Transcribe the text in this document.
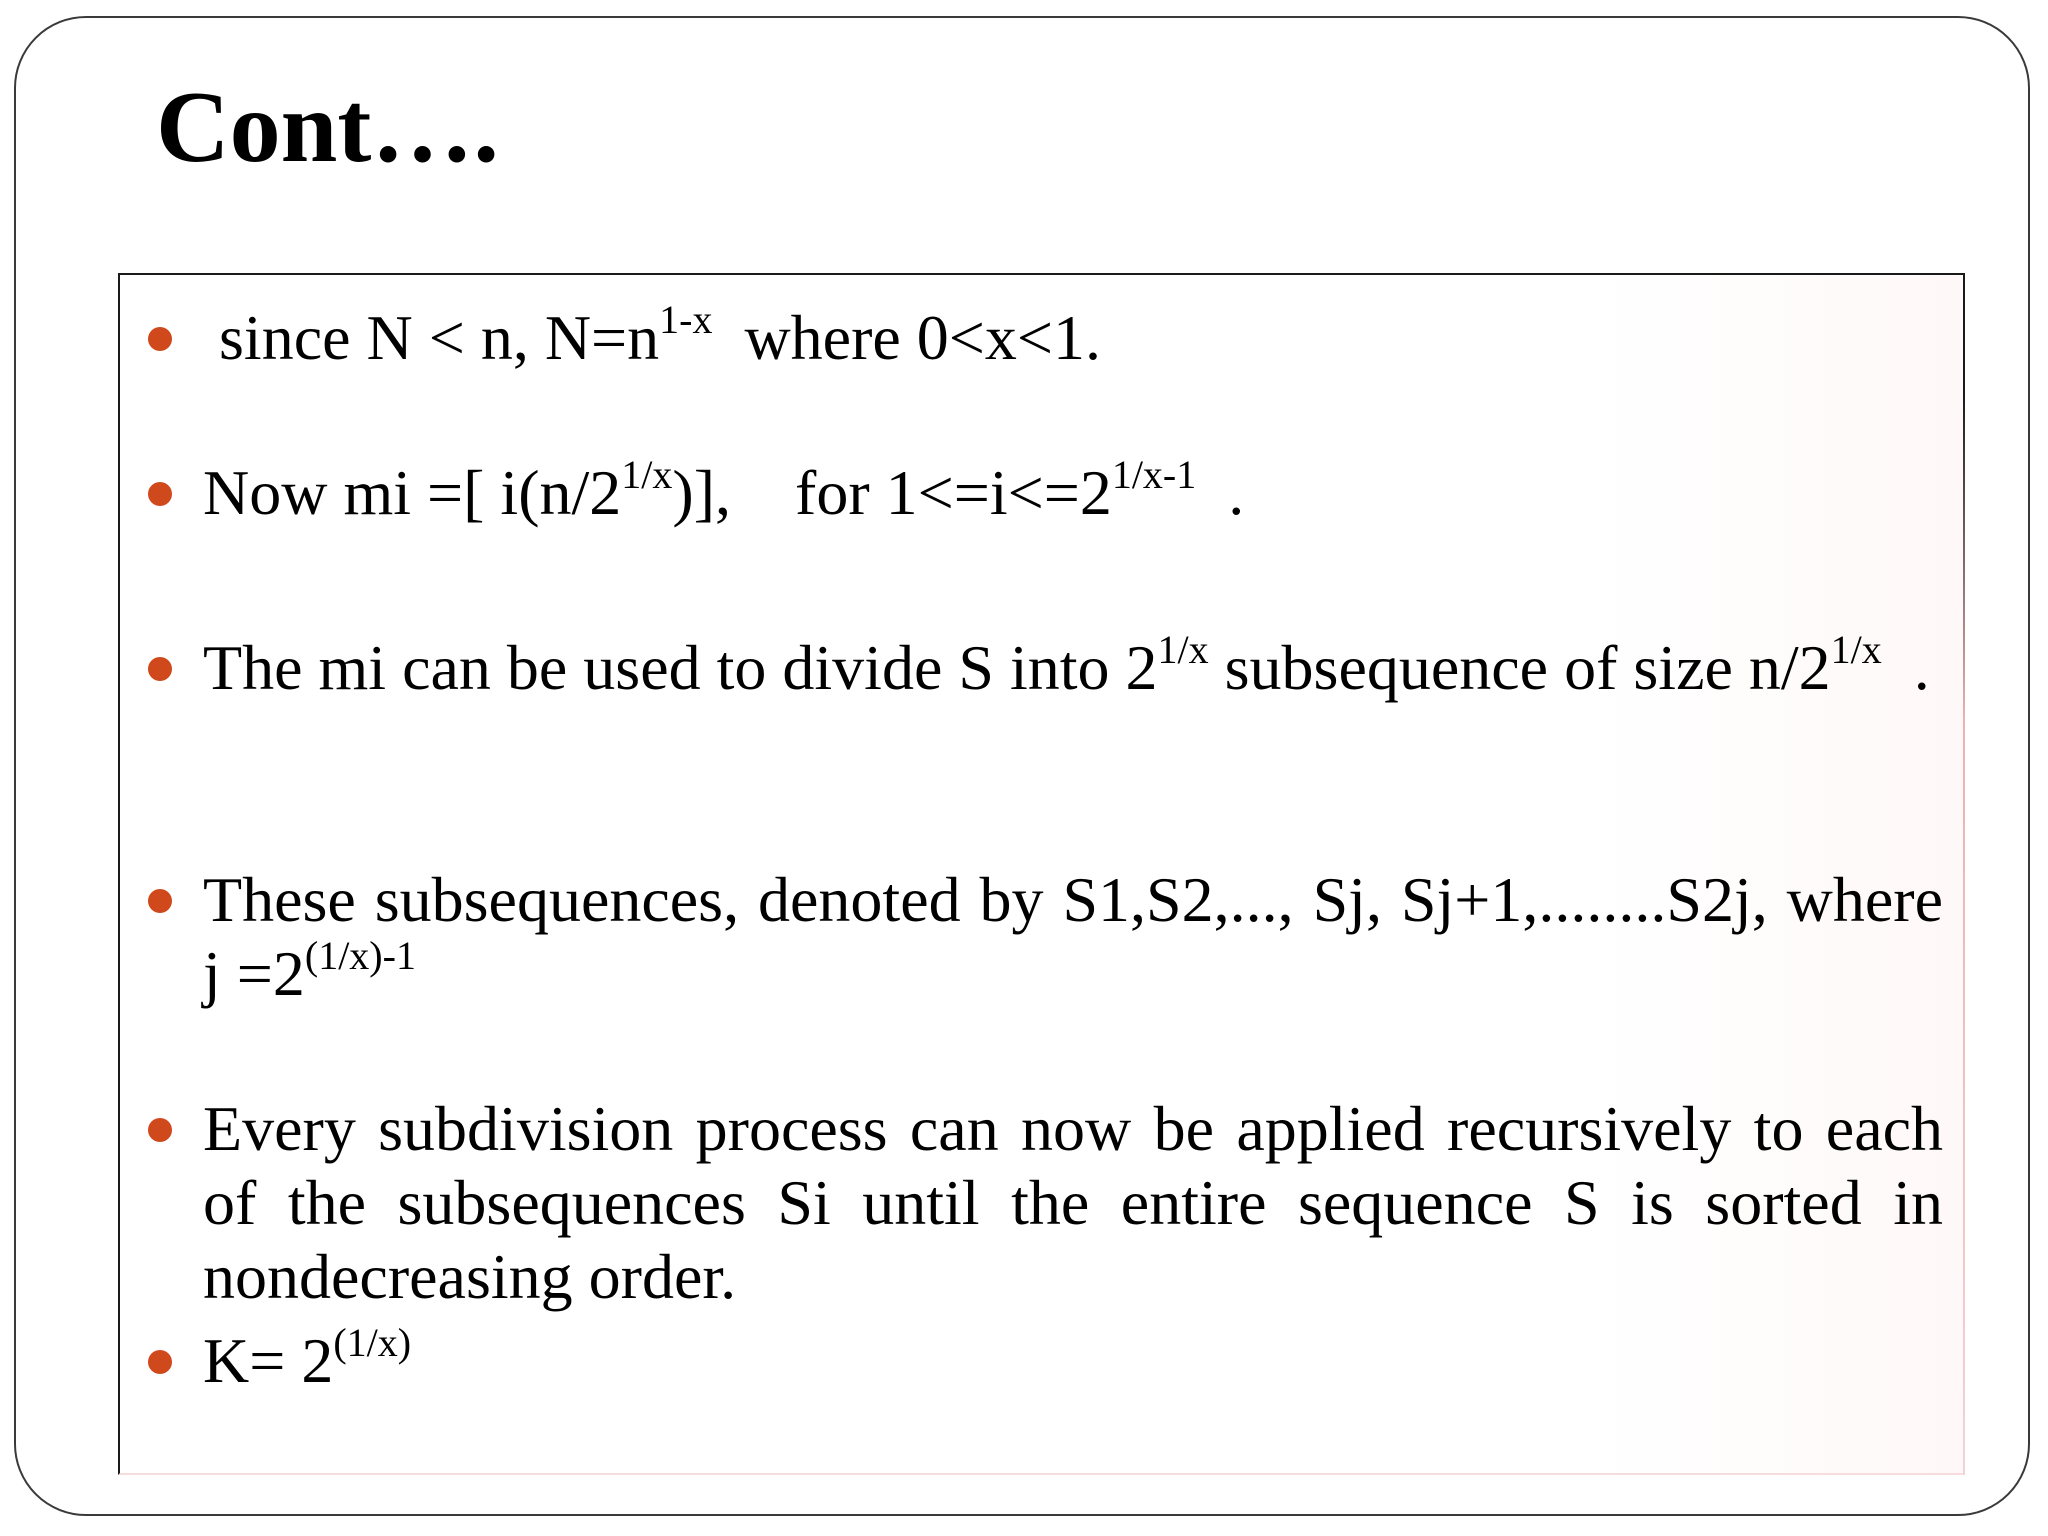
Cont….
since N < n, $N=n^{1-x}$  where 0<x<1.
Now mi =[ $i(n/2^{1/x})$],    for $1<=i<=2^{1/x-1}$  .
The mi can be used to divide S into $2^{1/x}$ subsequence of size $n/2^{1/x}$  .
These subsequences, denoted by S1,S2,..., Sj, Sj+1,........S2j, where $j =2^{(1/x)-1}$
Every subdivision process can now be applied recursively to each of the subsequences Si until the entire sequence S is sorted in nondecreasing order.
$K= 2^{(1/x)}$
